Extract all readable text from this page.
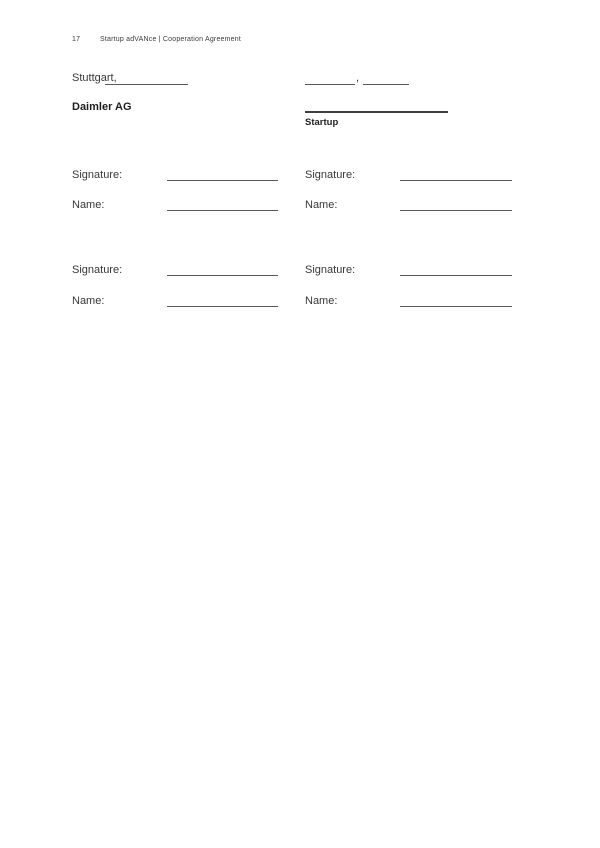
17	Startup adVANce | Cooperation Agreement
Stuttgart,	,
Daimler AG
Startup
Signature:	Signature:
Name:	Name:
Signature:	Signature:
Name:	Name:
